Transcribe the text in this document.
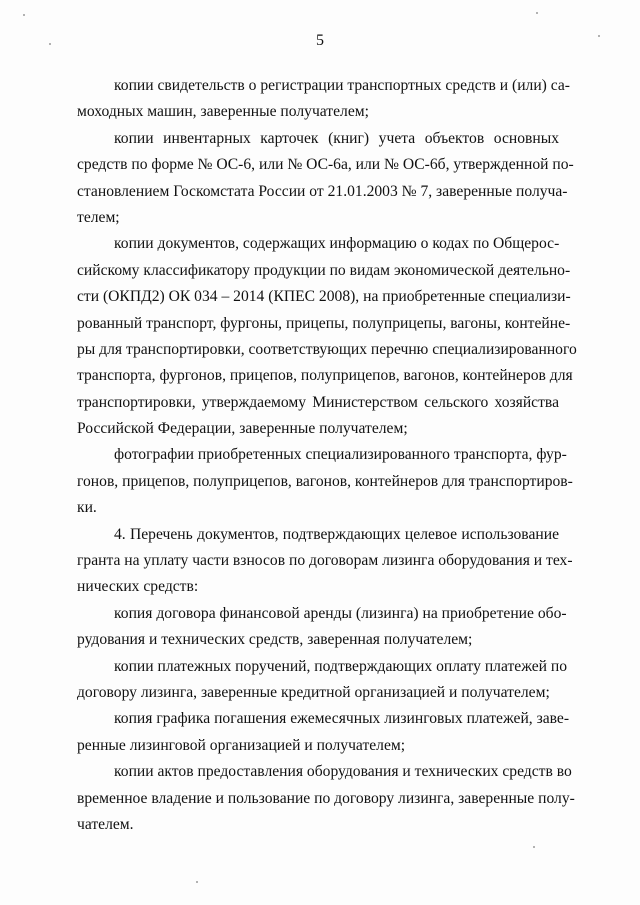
5
копии свидетельств о регистрации транспортных средств и (или) са-
моходных машин, заверенные получателем;
копии инвентарных карточек (книг) учета объектов основных
средств по форме № ОС-6, или № ОС-6а, или № ОС-6б, утвержденной по-
становлением Госкомстата России от 21.01.2003 № 7, заверенные получа-
телем;
копии документов, содержащих информацию о кодах по Общерос-
сийскому классификатору продукции по видам экономической деятельно-
сти (ОКПД2) ОК 034 – 2014 (КПЕС 2008), на приобретенные специализи-
рованный транспорт, фургоны, прицепы, полуприцепы, вагоны, контейне-
ры для транспортировки, соответствующих перечню специализированного
транспорта, фургонов, прицепов, полуприцепов, вагонов, контейнеров для
транспортировки, утверждаемому Министерством сельского хозяйства
Российской Федерации, заверенные получателем;
фотографии приобретенных специализированного транспорта, фур-
гонов, прицепов, полуприцепов, вагонов, контейнеров для транспортиров-
ки.
4. Перечень документов, подтверждающих целевое использование
гранта на уплату части взносов по договорам лизинга оборудования и тех-
нических средств:
копия договора финансовой аренды (лизинга) на приобретение обо-
рудования и технических средств, заверенная получателем;
копии платежных поручений, подтверждающих оплату платежей по
договору лизинга, заверенные кредитной организацией и получателем;
копия графика погашения ежемесячных лизинговых платежей, заве-
ренные лизинговой организацией и получателем;
копии актов предоставления оборудования и технических средств во
временное владение и пользование по договору лизинга, заверенные полу-
чателем.
